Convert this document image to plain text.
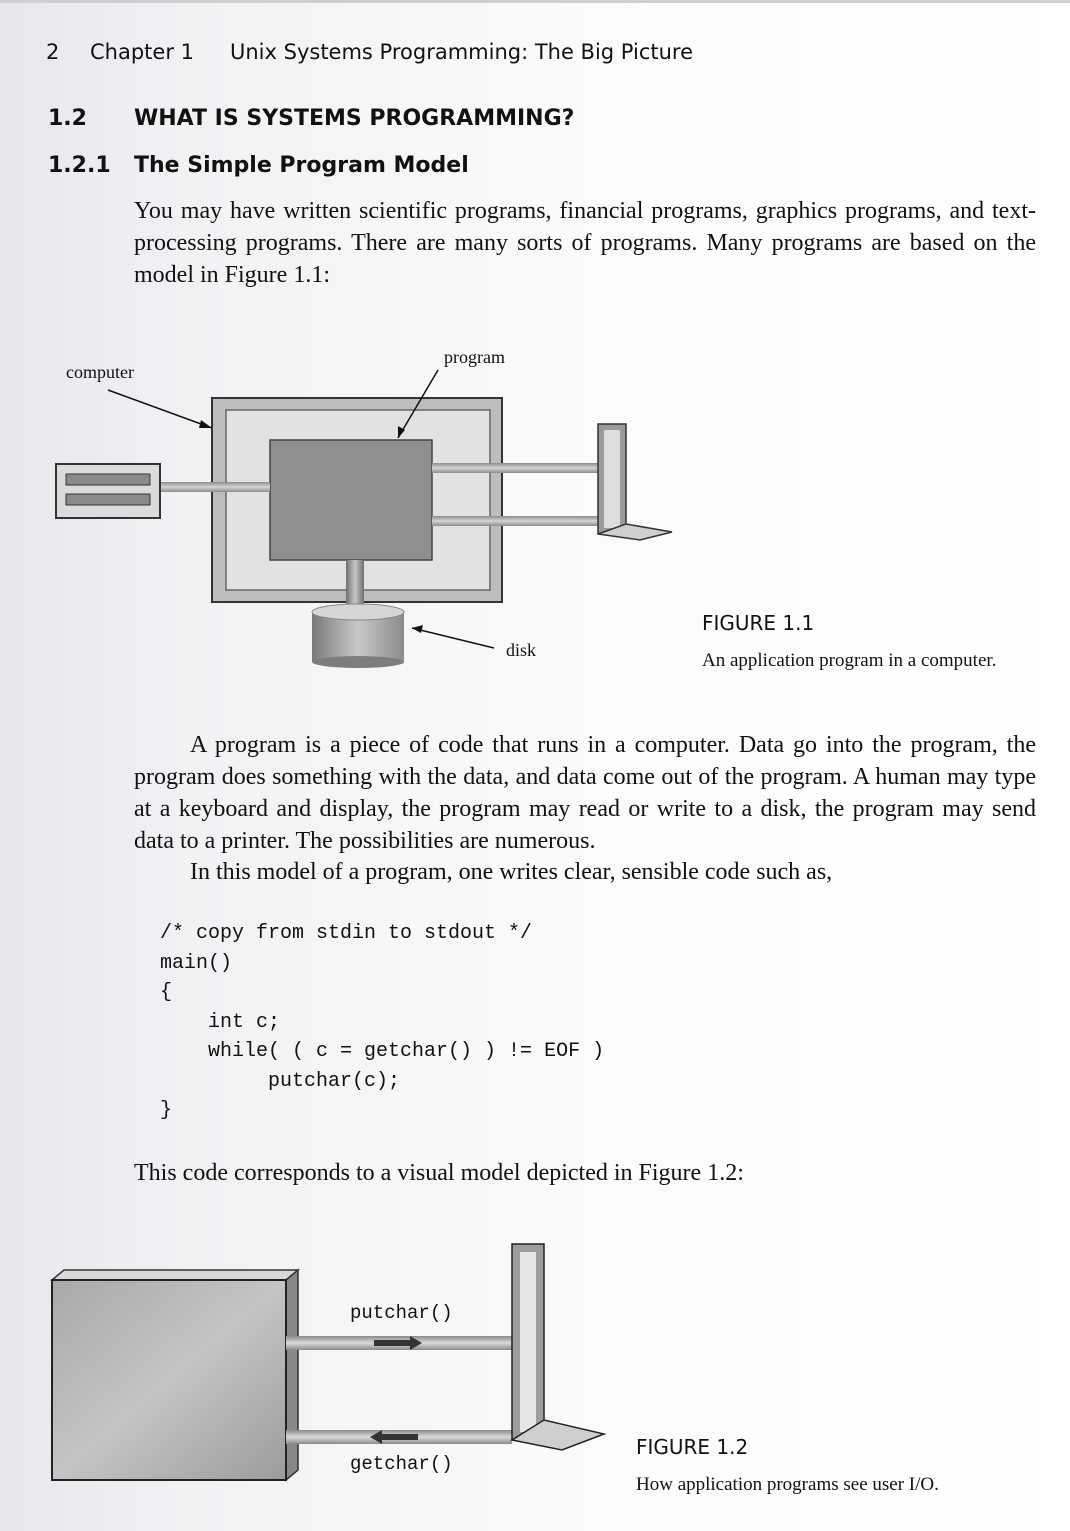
2 Chapter 1 Unix Systems Programming: The Big Picture
1.2 WHAT IS SYSTEMS PROGRAMMING?
1.2.1 The Simple Program Model
You may have written scientific programs, financial programs, graphics programs, and text-processing programs. There are many sorts of programs. Many programs are based on the model in Figure 1.1:
computer
program
disk
FIGURE 1.1
An application program in a computer.
A program is a piece of code that runs in a computer. Data go into the program, the program does something with the data, and data come out of the program. A human may type at a keyboard and display, the program may read or write to a disk, the program may send data to a printer. The possibilities are numerous.
In this model of a program, one writes clear, sensible code such as,
/* copy from stdin to stdout */
main()
{
int c;
while( ( c = getchar() ) != EOF )
putchar(c);
}
This code corresponds to a visual model depicted in Figure 1.2:
putchar()
getchar()
FIGURE 1.2
How application programs see user I/O.
